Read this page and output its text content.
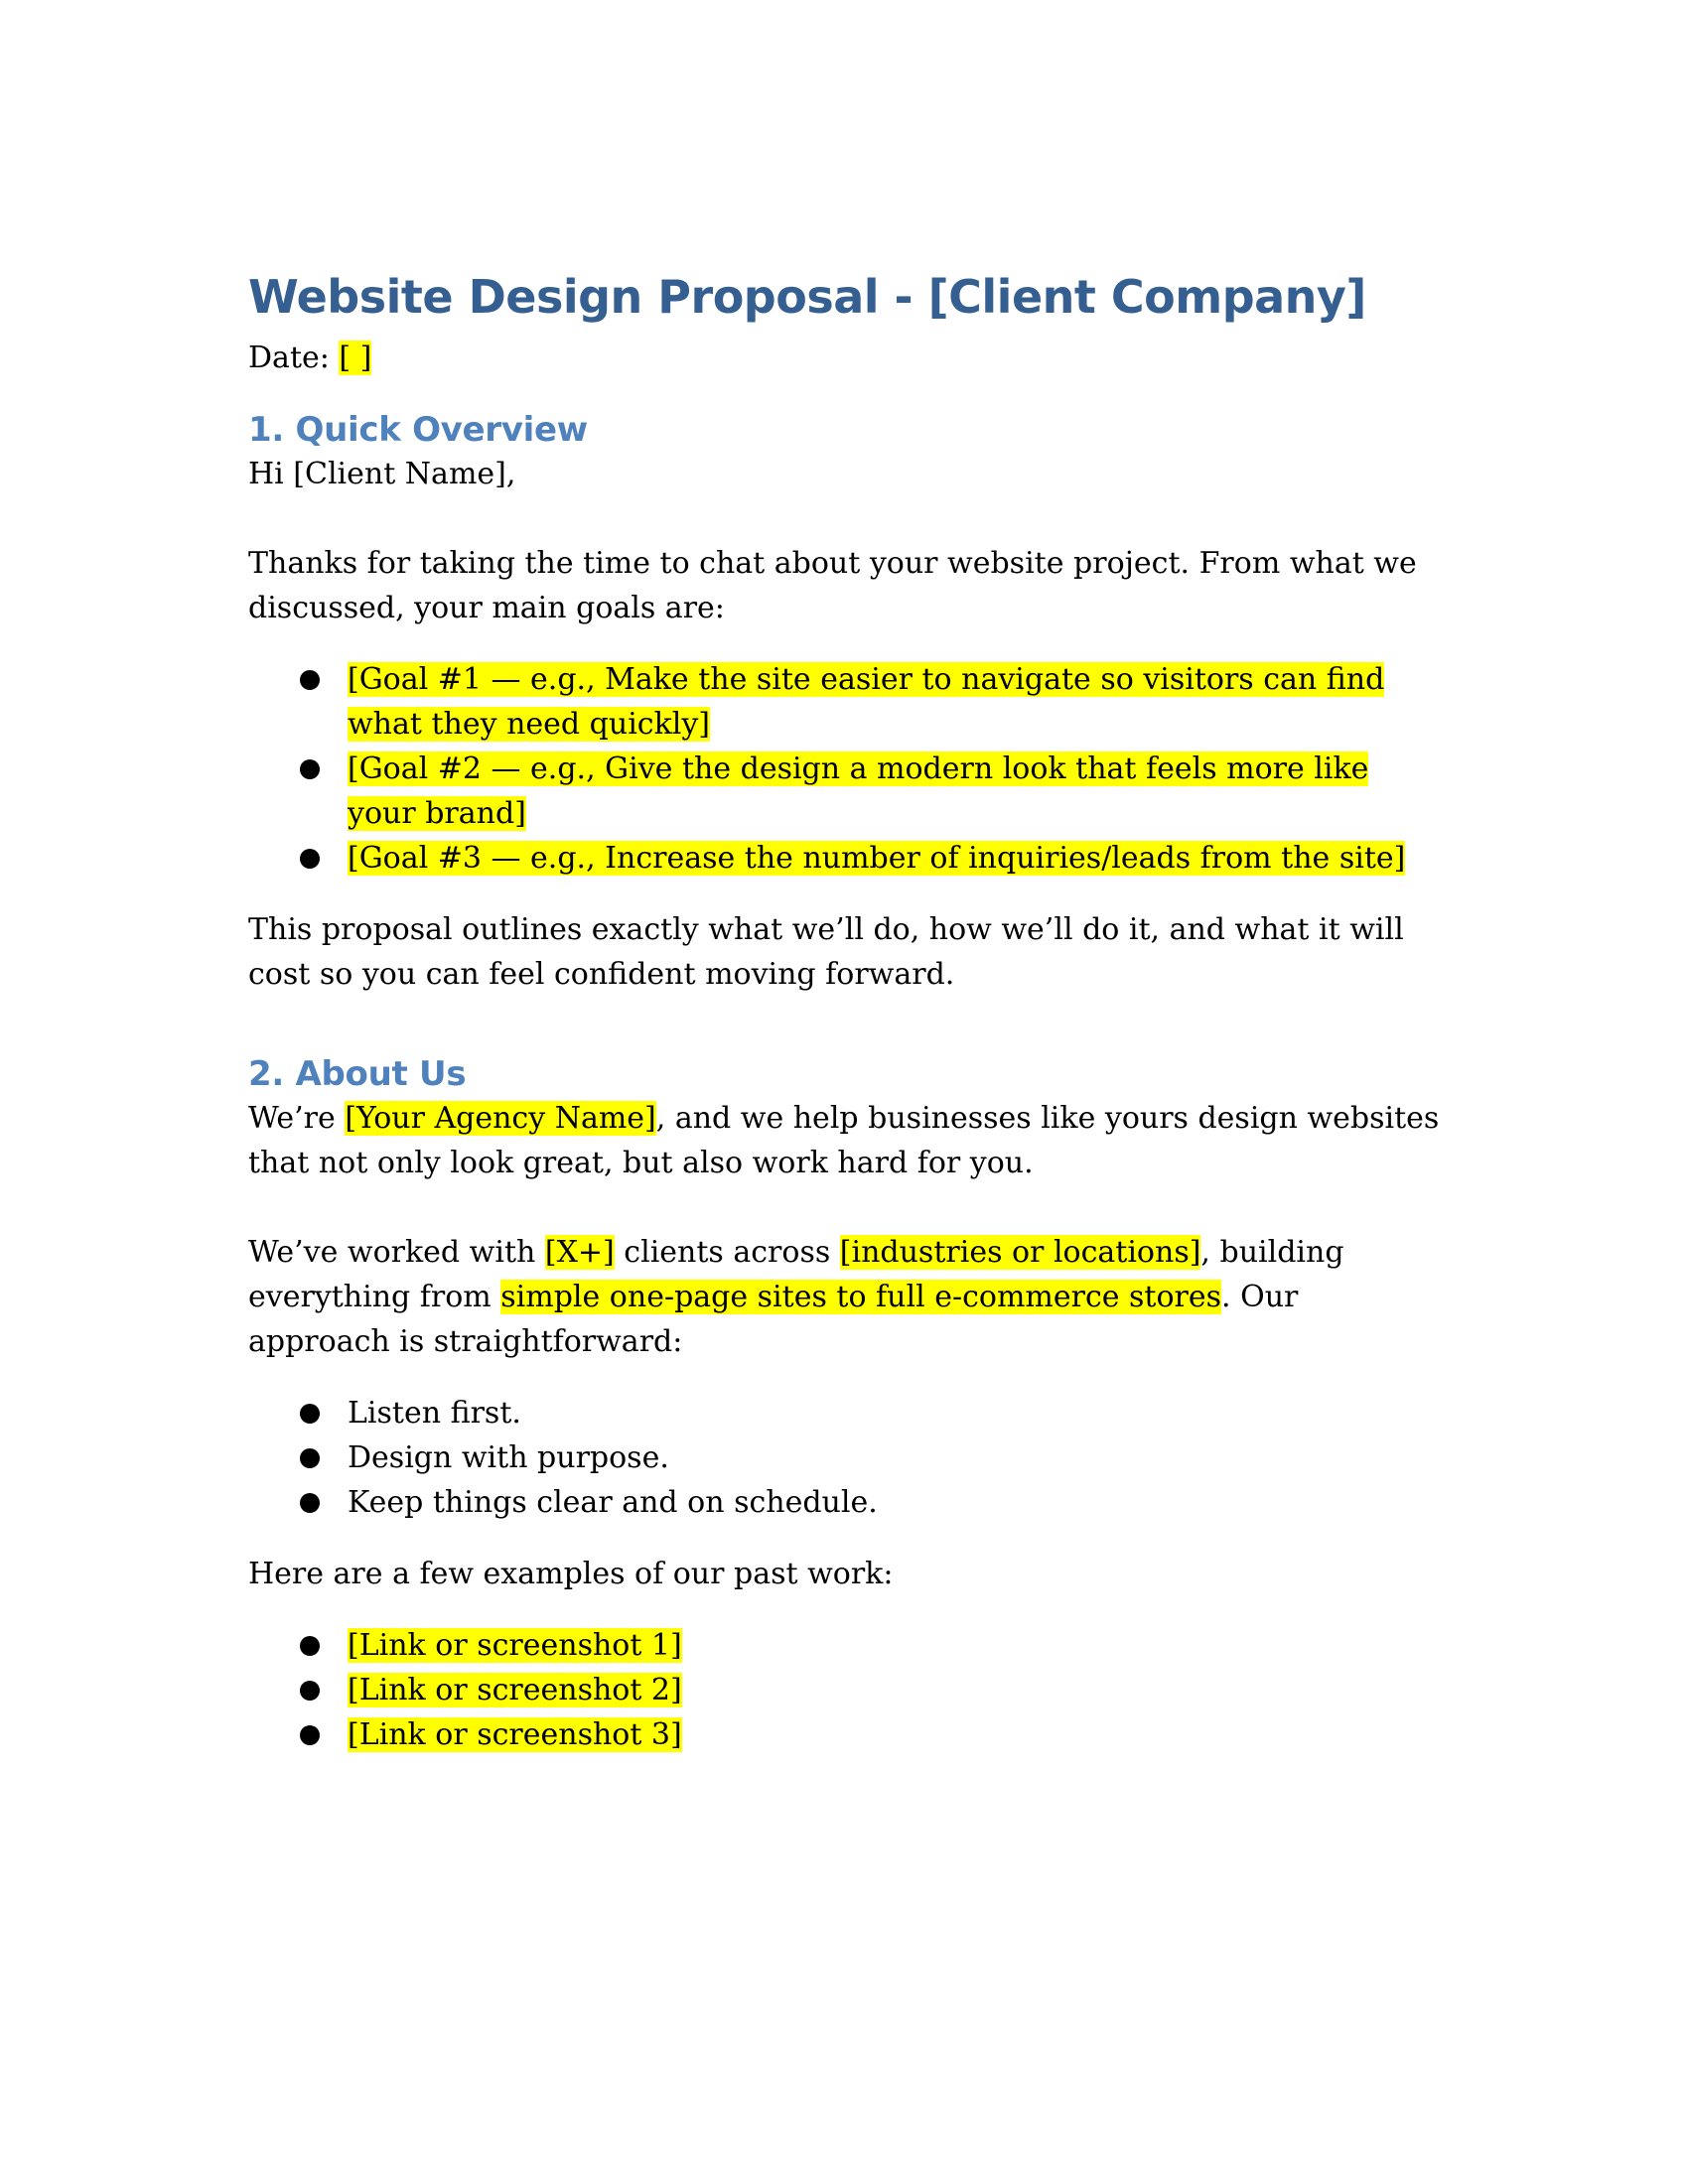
Website Design Proposal - [Client Company]

Date: [ ]

1. Quick Overview

Hi [Client Name],

Thanks for taking the time to chat about your website project. From what we discussed, your main goals are:

[Goal #1 — e.g., Make the site easier to navigate so visitors can find what they need quickly]
[Goal #2 — e.g., Give the design a modern look that feels more like your brand]
[Goal #3 — e.g., Increase the number of inquiries/leads from the site]

This proposal outlines exactly what we’ll do, how we’ll do it, and what it will cost so you can feel confident moving forward.

2. About Us

We’re [Your Agency Name], and we help businesses like yours design websites that not only look great, but also work hard for you.

We’ve worked with [X+] clients across [industries or locations], building everything from simple one-page sites to full e-commerce stores. Our approach is straightforward:

Listen first.
Design with purpose.
Keep things clear and on schedule.

Here are a few examples of our past work:

[Link or screenshot 1]
[Link or screenshot 2]
[Link or screenshot 3]
